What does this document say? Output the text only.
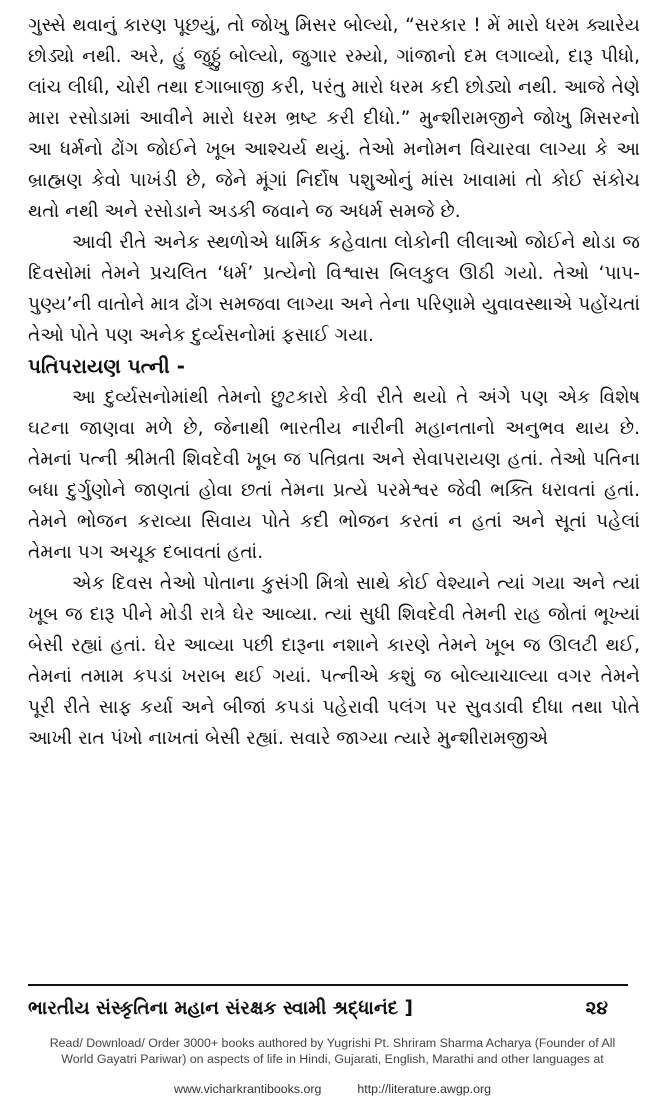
ગુસ્સે થવાનું કારણ પૂછયું, તો જોખુ મિસર બોલ્યો, “સરકાર ! મેં મારો ધરમ ક્યારેય છોડ્યો નથી. અરે, હું જુઠ્ઠું બોલ્યો, જુગાર રમ્યો, ગાંજાનો દમ લગાવ્યો, દારૂ પીધો, લાંચ લીધી, ચોરી તથા દગાબાજી કરી, પરંતુ મારો ધરમ કદી છોડ્યો નથી. આજે તેણે મારા રસોડામાં આવીને મારો ધરમ ભ્રષ્ટ કરી દીધો.” મુન્શીરામજીને જોખુ મિસરનો આ ધર્મનો ઢોંગ જોઈને ખૂબ આશ્ચર્ય થયું. તેઓ મનોમન વિચારવા લાગ્યા કે આ બ્રાહ્મણ કેવો પાખંડી છે, જેને મૂંગાં નિર્દોષ પશુઓનું માંસ ખાવામાં તો કોઈ સંકોચ થતો નથી અને રસોડાને અડકી જવાને જ અધર્મ સમજે છે.

આવી રીતે અનેક સ્થળોએ ધાર્મિક કહેવાતા લોકોની લીલાઓ જોઈને થોડા જ દિવસોમાં તેમને પ્રચલિત ‘ધર્મ’ પ્રત્યેનો વિશ્વાસ બિલકુલ ઊઠી ગયો. તેઓ ‘પાપ-પુણ્ય’ની વાતોને માત્ર ઢોંગ સમજવા લાગ્યા અને તેના પરિણામે યુવાવસ્થાએ પહોંચતાં તેઓ પોતે પણ અનેક દુર્વ્યસનોમાં ફસાઈ ગયા.

પતિપરાયણ પત્ની -

આ દુર્વ્યસનોમાંથી તેમનો છુટકારો કેવી રીતે થયો તે અંગે પણ એક વિશેષ ઘટના જાણવા મળે છે, જેનાથી ભારતીય નારીની મહાનતાનો અનુભવ થાય છે. તેમનાં પત્ની શ્રીમતી શિવદેવી ખૂબ જ પતિવ્રતા અને સેવાપરાયણ હતાં. તેઓ પતિના બધા દુર્ગુણોને જાણતાં હોવા છતાં તેમના પ્રત્યે પરમેશ્વર જેવી ભક્તિ ધરાવતાં હતાં. તેમને ભોજન કરાવ્યા સિવાય પોતે કદી ભોજન કરતાં ન હતાં અને સૂતાં પહેલાં તેમના પગ અચૂક દબાવતાં હતાં.

એક દિવસ તેઓ પોતાના કુસંગી મિત્રો સાથે કોઈ વેશ્યાને ત્યાં ગયા અને ત્યાં ખૂબ જ દારૂ પીને મોડી રાત્રે ઘેર આવ્યા. ત્યાં સુધી શિવદેવી તેમની રાહ જોતાં ભૂખ્યાં બેસી રહ્યાં હતાં. ઘેર આવ્યા પછી દારૂના નશાને કારણે તેમને ખૂબ જ ઊલટી થઈ, તેમનાં તમામ કપડાં ખરાબ થઈ ગયાં. પત્નીએ કશું જ બોલ્યાચાલ્યા વગર તેમને પૂરી રીતે સાફ કર્યા અને બીજાં કપડાં પહેરાવી પલંગ પર સુવડાવી દીધા તથા પોતે આખી રાત પંખો નાખતાં બેસી રહ્યાં. સવારે જાગ્યા ત્યારે મુન્શીરામજીએ

ભારતીય સંસ્કૃતિના મહાન સંરક્ષક સ્વામી શ્રદ્ધાનંદ ]	૨૪
Read/ Download/ Order 3000+ books authored by Yugrishi Pt. Shriram Sharma Acharya (Founder of All
World Gayatri Pariwar) on aspects of life in Hindi, Gujarati, English, Marathi and other languages at
www.vicharkrantibooks.org	http://literature.awgp.org
